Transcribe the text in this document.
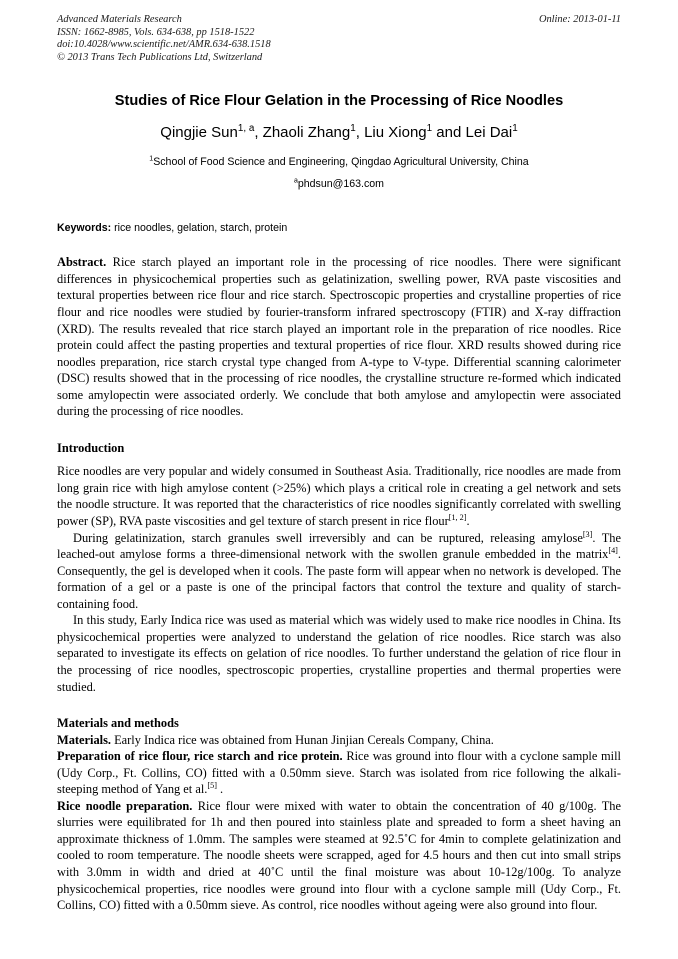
Advanced Materials Research
ISSN: 1662-8985, Vols. 634-638, pp 1518-1522
doi:10.4028/www.scientific.net/AMR.634-638.1518
© 2013 Trans Tech Publications Ltd, Switzerland
Online: 2013-01-11
Studies of Rice Flour Gelation in the Processing of Rice Noodles
Qingjie Sun$^{1, a}$, Zhaoli Zhang$^1$, Liu Xiong$^1$ and Lei Dai$^1$
$^1$School of Food Science and Engineering, Qingdao Agricultural University, China
$^a$phdsun@163.com
Keywords: rice noodles, gelation, starch, protein
Abstract. Rice starch played an important role in the processing of rice noodles. There were significant differences in physicochemical properties such as gelatinization, swelling power, RVA paste viscosities and textural properties between rice flour and rice starch. Spectroscopic properties and crystalline properties of rice flour and rice noodles were studied by fourier-transform infrared spectroscopy (FTIR) and X-ray diffraction (XRD). The results revealed that rice starch played an important role in the preparation of rice noodles. Rice protein could affect the pasting properties and textural properties of rice flour. XRD results showed during rice noodles preparation, rice starch crystal type changed from A-type to V-type. Differential scanning calorimeter (DSC) results showed that in the processing of rice noodles, the crystalline structure re-formed which indicated some amylopectin were associated orderly. We conclude that both amylose and amylopectin were associated during the processing of rice noodles.
Introduction
Rice noodles are very popular and widely consumed in Southeast Asia. Traditionally, rice noodles are made from long grain rice with high amylose content (>25%) which plays a critical role in creating a gel network and sets the noodle structure. It was reported that the characteristics of rice noodles significantly correlated with swelling power (SP), RVA paste viscosities and gel texture of starch present in rice flour[1, 2].
During gelatinization, starch granules swell irreversibly and can be ruptured, releasing amylose[3]. The leached-out amylose forms a three-dimensional network with the swollen granule embedded in the matrix[4]. Consequently, the gel is developed when it cools. The paste form will appear when no network is developed. The formation of a gel or a paste is one of the principal factors that control the texture and quality of starch-containing food.
In this study, Early Indica rice was used as material which was widely used to make rice noodles in China. Its physicochemical properties were analyzed to understand the gelation of rice noodles. Rice starch was also separated to investigate its effects on gelation of rice noodles. To further understand the gelation of rice flour in the processing of rice noodles, spectroscopic properties, crystalline properties and thermal properties were studied.
Materials and methods
Materials. Early Indica rice was obtained from Hunan Jinjian Cereals Company, China.
Preparation of rice flour, rice starch and rice protein. Rice was ground into flour with a cyclone sample mill (Udy Corp., Ft. Collins, CO) fitted with a 0.50mm sieve. Starch was isolated from rice following the alkali-steeping method of Yang et al.[5] .
Rice noodle preparation. Rice flour were mixed with water to obtain the concentration of 40 g/100g. The slurries were equilibrated for 1h and then poured into stainless plate and spreaded to form a sheet having an approximate thickness of 1.0mm. The samples were steamed at 92.5˚C for 4min to complete gelatinization and cooled to room temperature. The noodle sheets were scrapped, aged for 4.5 hours and then cut into small strips with 3.0mm in width and dried at 40˚C until the final moisture was about 10-12g/100g. To analyze physicochemical properties, rice noodles were ground into flour with a cyclone sample mill (Udy Corp., Ft. Collins, CO) fitted with a 0.50mm sieve. As control, rice noodles without ageing were also ground into flour.
